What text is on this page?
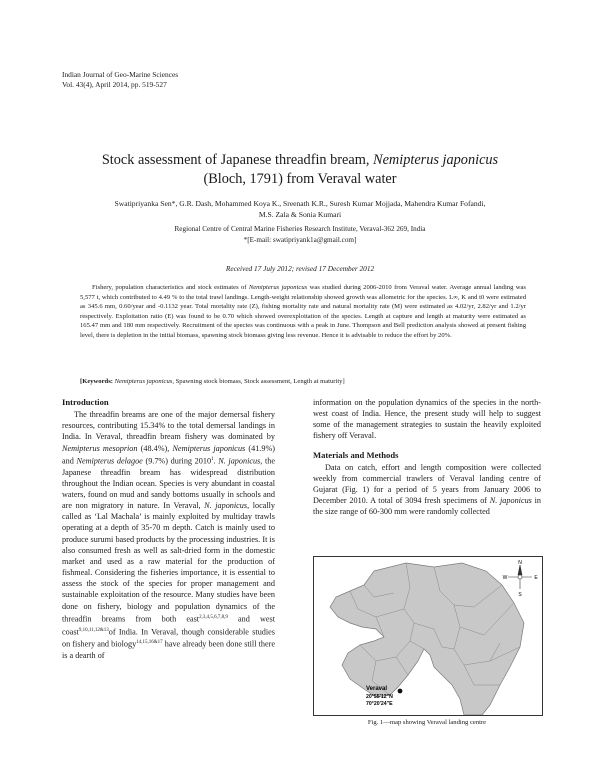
Indian Journal of Geo-Marine Sciences
Vol. 43(4), April 2014, pp. 519-527
Stock assessment of Japanese threadfin bream, Nemipterus japonicus
(Bloch, 1791) from Veraval water
Swatipriyanka Sen*, G.R. Dash, Mohammed Koya K., Sreenath K.R., Suresh Kumar Mojjada, Mahendra Kumar Fofandi,
M.S. Zala & Sonia Kumari
Regional Centre of Central Marine Fisheries Research Institute, Veraval-362 269, India
*[E-mail: swatipriyank1a@gmail.com]
Received 17 July 2012; revised 17 December 2012
Fishery, population characteristics and stock estimates of Nemipterus japonicus was studied during 2006-2010 from Veraval water. Average annual landing was 5,577 t, which contributed to 4.49 % to the total trawl landings. Length-weight relationship showed growth was allometric for the species. L∞, K and t0 were estimated as 345.6 mm, 0.60/year and -0.1132 year. Total mortality rate (Z), fishing mortality rate and natural mortality rate (M) were estimated as 4.02/yr, 2.82/yr and 1.2/yr respectively. Exploitation ratio (E) was found to be 0.70 which showed overexploitation of the species. Length at capture and length at maturity were estimated as 165.47 mm and 180 mm respectively. Recruitment of the species was continuous with a peak in June. Thompson and Bell prediction analysis showed at present fishing level, there is depletion in the initial biomass, spawning stock biomass giving less revenue. Hence it is advisable to reduce the effort by 20%.
[Keywords: Nemipterus japonicus, Spawning stock biomass, Stock assessment, Length at maturity]
Introduction

The threadfin breams are one of the major demersal fishery resources, contributing 15.34% to the total demersal landings in India. In Veraval, threadfin bream fishery was dominated by Nemipterus mesoprion (48.4%), Nemipterus japonicus (41.9%) and Nemipterus delagoe (9.7%) during 2010$^1$. N. japonicus, the Japanese threadfin bream has widespread distribution throughout the Indian ocean. Species is very abundant in coastal waters, found on mud and sandy bottoms usually in schools and are non migratory in nature. In Veraval, N. japonicus, locally called as ‘Lal Machala’ is mainly exploited by multiday trawls operating at a depth of 35-70 m depth. Catch is mainly used to produce surumi based products by the processing industries. It is also consumed fresh as well as salt-dried form in the domestic market and used as a raw material for the production of fishmeal. Considering the fisheries importance, it is essential to assess the stock of the species for proper management and sustainable exploitation of the resource. Many studies have been done on fishery, biology and population dynamics of the threadfin breams from both east$^{2,3,4,5,6,7,8,9}$ and west coast$^{9,10,11,12\&13}$of India. In Veraval, though considerable studies on fishery and biology$^{14,15,16\&17}$ have already been done still there is a dearth of

information on the population dynamics of the species in the north-west coast of India. Hence, the present study will help to suggest some of the management strategies to sustain the heavily exploited fishery off Veraval.

Materials and Methods

Data on catch, effort and length composition were collected weekly from commercial trawlers of Veraval landing centre of Gujarat (Fig. 1) for a period of 5 years from January 2006 to December 2010. A total of 3094 fresh specimens of N. japonicus in the size range of 60-300 mm were randomly collected

N
S
W	E
Veraval
20°55'12"N
70°20'24"E
Fig. 1—map showing Veraval landing centre
